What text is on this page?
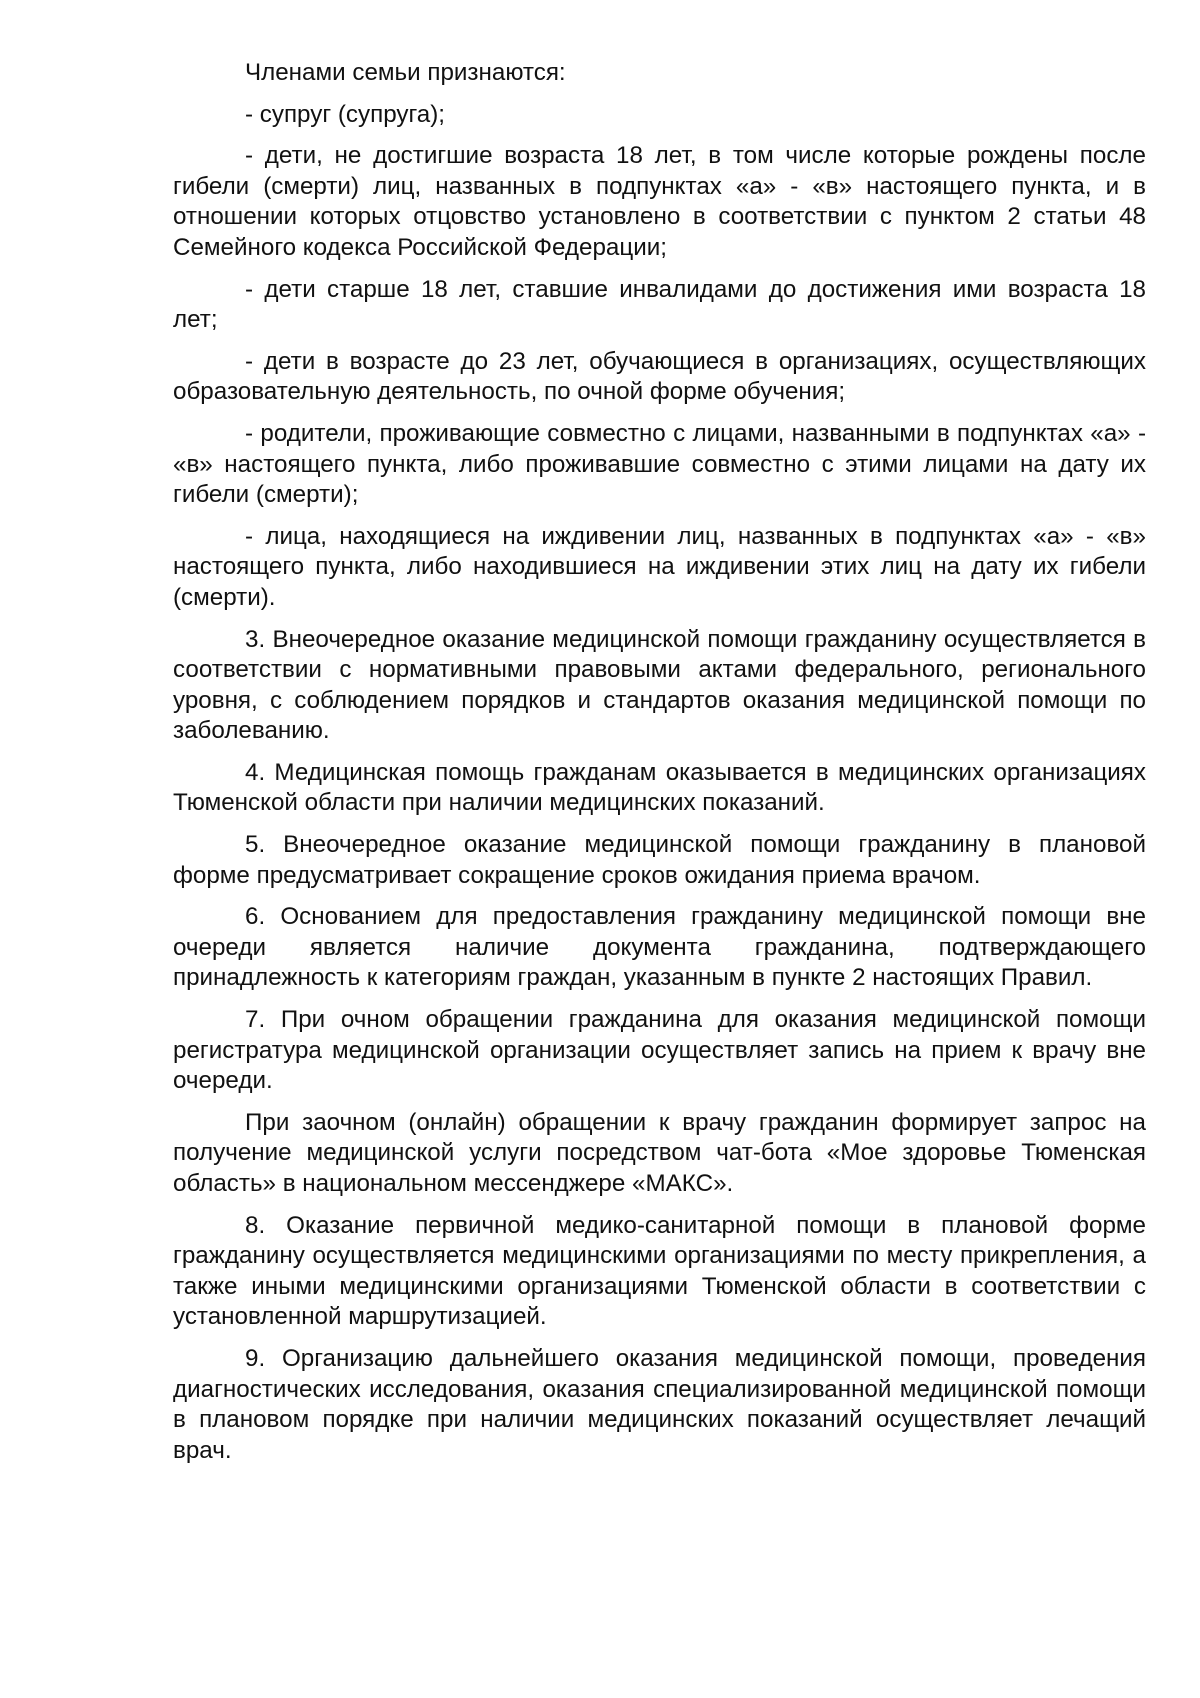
Членами семьи признаются:

- супруг (супруга);

- дети, не достигшие возраста 18 лет, в том числе которые рождены после гибели (смерти) лиц, названных в подпунктах «а» - «в» настоящего пункта, и в отношении которых отцовство установлено в соответствии с пунктом 2 статьи 48 Семейного кодекса Российской Федерации;

- дети старше 18 лет, ставшие инвалидами до достижения ими возраста 18 лет;

- дети в возрасте до 23 лет, обучающиеся в организациях, осуществляющих образовательную деятельность, по очной форме обучения;

- родители, проживающие совместно с лицами, названными в подпунктах «а» - «в» настоящего пункта, либо проживавшие совместно с этими лицами на дату их гибели (смерти);

- лица, находящиеся на иждивении лиц, названных в подпунктах «а» - «в» настоящего пункта, либо находившиеся на иждивении этих лиц на дату их гибели (смерти).

3. Внеочередное оказание медицинской помощи гражданину осуществляется в соответствии с нормативными правовыми актами федерального, регионального уровня, с соблюдением порядков и стандартов оказания медицинской помощи по заболеванию.

4. Медицинская помощь гражданам оказывается в медицинских организациях Тюменской области при наличии медицинских показаний.

5. Внеочередное оказание медицинской помощи гражданину в плановой форме предусматривает сокращение сроков ожидания приема врачом.

6. Основанием для предоставления гражданину медицинской помощи вне очереди является наличие документа гражданина, подтверждающего принадлежность к категориям граждан, указанным в пункте 2 настоящих Правил.

7. При очном обращении гражданина для оказания медицинской помощи регистратура медицинской организации осуществляет запись на прием к врачу вне очереди.

При заочном (онлайн) обращении к врачу гражданин формирует запрос на получение медицинской услуги посредством чат-бота «Мое здоровье Тюменская область» в национальном мессенджере «МАКС».

8. Оказание первичной медико-санитарной помощи в плановой форме гражданину осуществляется медицинскими организациями по месту прикрепления, а также иными медицинскими организациями Тюменской области в соответствии с установленной маршрутизацией.

9. Организацию дальнейшего оказания медицинской помощи, проведения диагностических исследования, оказания специализированной медицинской помощи в плановом порядке при наличии медицинских показаний осуществляет лечащий врач.
